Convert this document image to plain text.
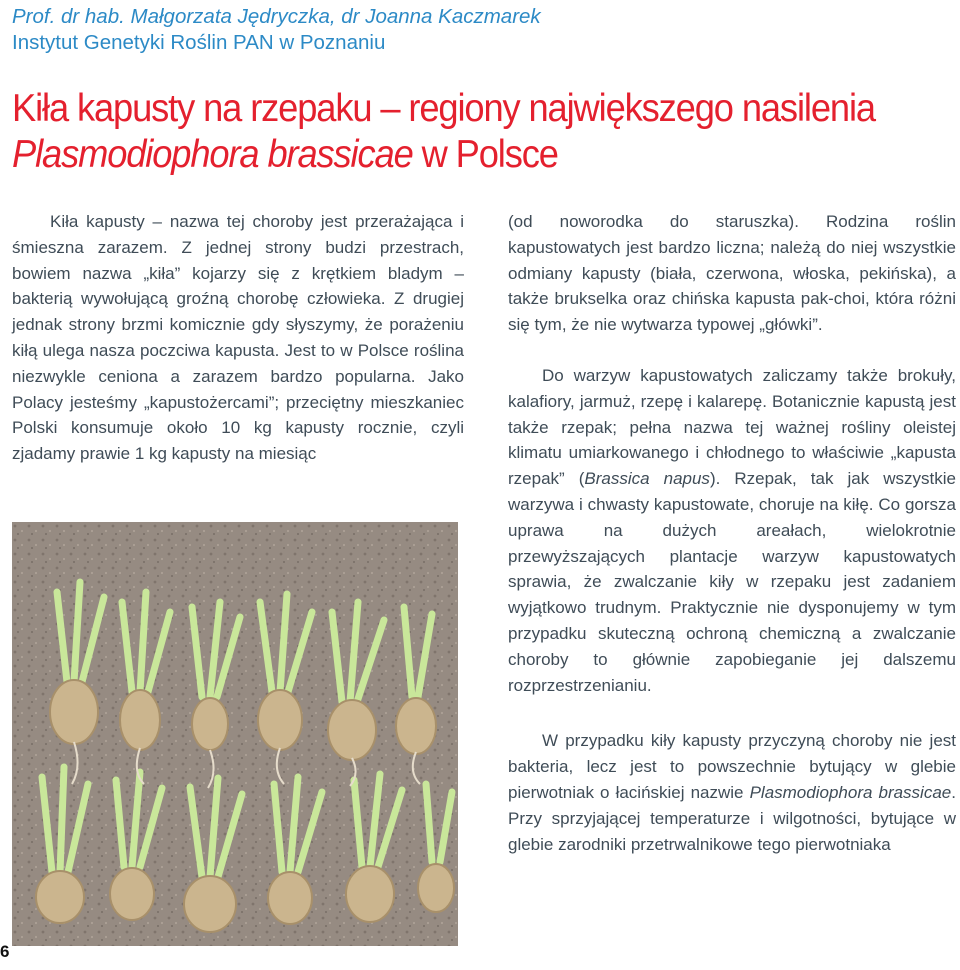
Prof. dr hab. Małgorzata Jędryczka, dr Joanna Kaczmarek
Instytut Genetyki Roślin PAN w Poznaniu
Kiła kapusty na rzepaku – regiony największego nasilenia
Plasmodiophora brassicae w Polsce

Kiła kapusty – nazwa tej choroby jest przerażająca i śmieszna zarazem. Z jednej strony budzi przestrach, bowiem nazwa „kiła” kojarzy się z krętkiem bladym – bakterią wywołującą groźną chorobę człowieka. Z drugiej jednak strony brzmi komicznie gdy słyszymy, że porażeniu kiłą ulega nasza poczciwa kapusta. Jest to w Polsce roślina niezwykle ceniona a zarazem bardzo popularna. Jako Polacy jesteśmy „kapustożercami”; przeciętny mieszkaniec Polski konsumuje około 10 kg kapusty rocznie, czyli zjadamy prawie 1 kg kapusty na miesiąc

(od noworodka do staruszka). Rodzina roślin kapustowatych jest bardzo liczna; należą do niej wszystkie odmiany kapusty (biała, czerwona, włoska, pekińska), a także brukselka oraz chińska kapusta pak-choi, która różni się tym, że nie wytwarza typowej „główki”.

Do warzyw kapustowatych zaliczamy także brokuły, kalafiory, jarmuż, rzepę i kalarepę. Botanicznie kapustą jest także rzepak; pełna nazwa tej ważnej rośliny oleistej klimatu umiarkowanego i chłodnego to właściwie „kapusta rzepak” (Brassica napus). Rzepak, tak jak wszystkie warzywa i chwasty kapustowate, choruje na kiłę. Co gorsza uprawa na dużych areałach, wielokrotnie przewyższających plantacje warzyw kapustowatych sprawia, że zwalczanie kiły w rzepaku jest zadaniem wyjątkowo trudnym. Praktycznie nie dysponujemy w tym przypadku skuteczną ochroną chemiczną a zwalczanie choroby to głównie zapobieganie jej dalszemu rozprzestrzenianiu.

W przypadku kiły kapusty przyczyną choroby nie jest bakteria, lecz jest to powszechnie bytujący w glebie pierwotniak o łacińskiej nazwie Plasmodiophora brassicae. Przy sprzyjającej temperaturze i wilgotności, bytujące w glebie zarodniki przetrwalnikowe tego pierwotniaka

6
